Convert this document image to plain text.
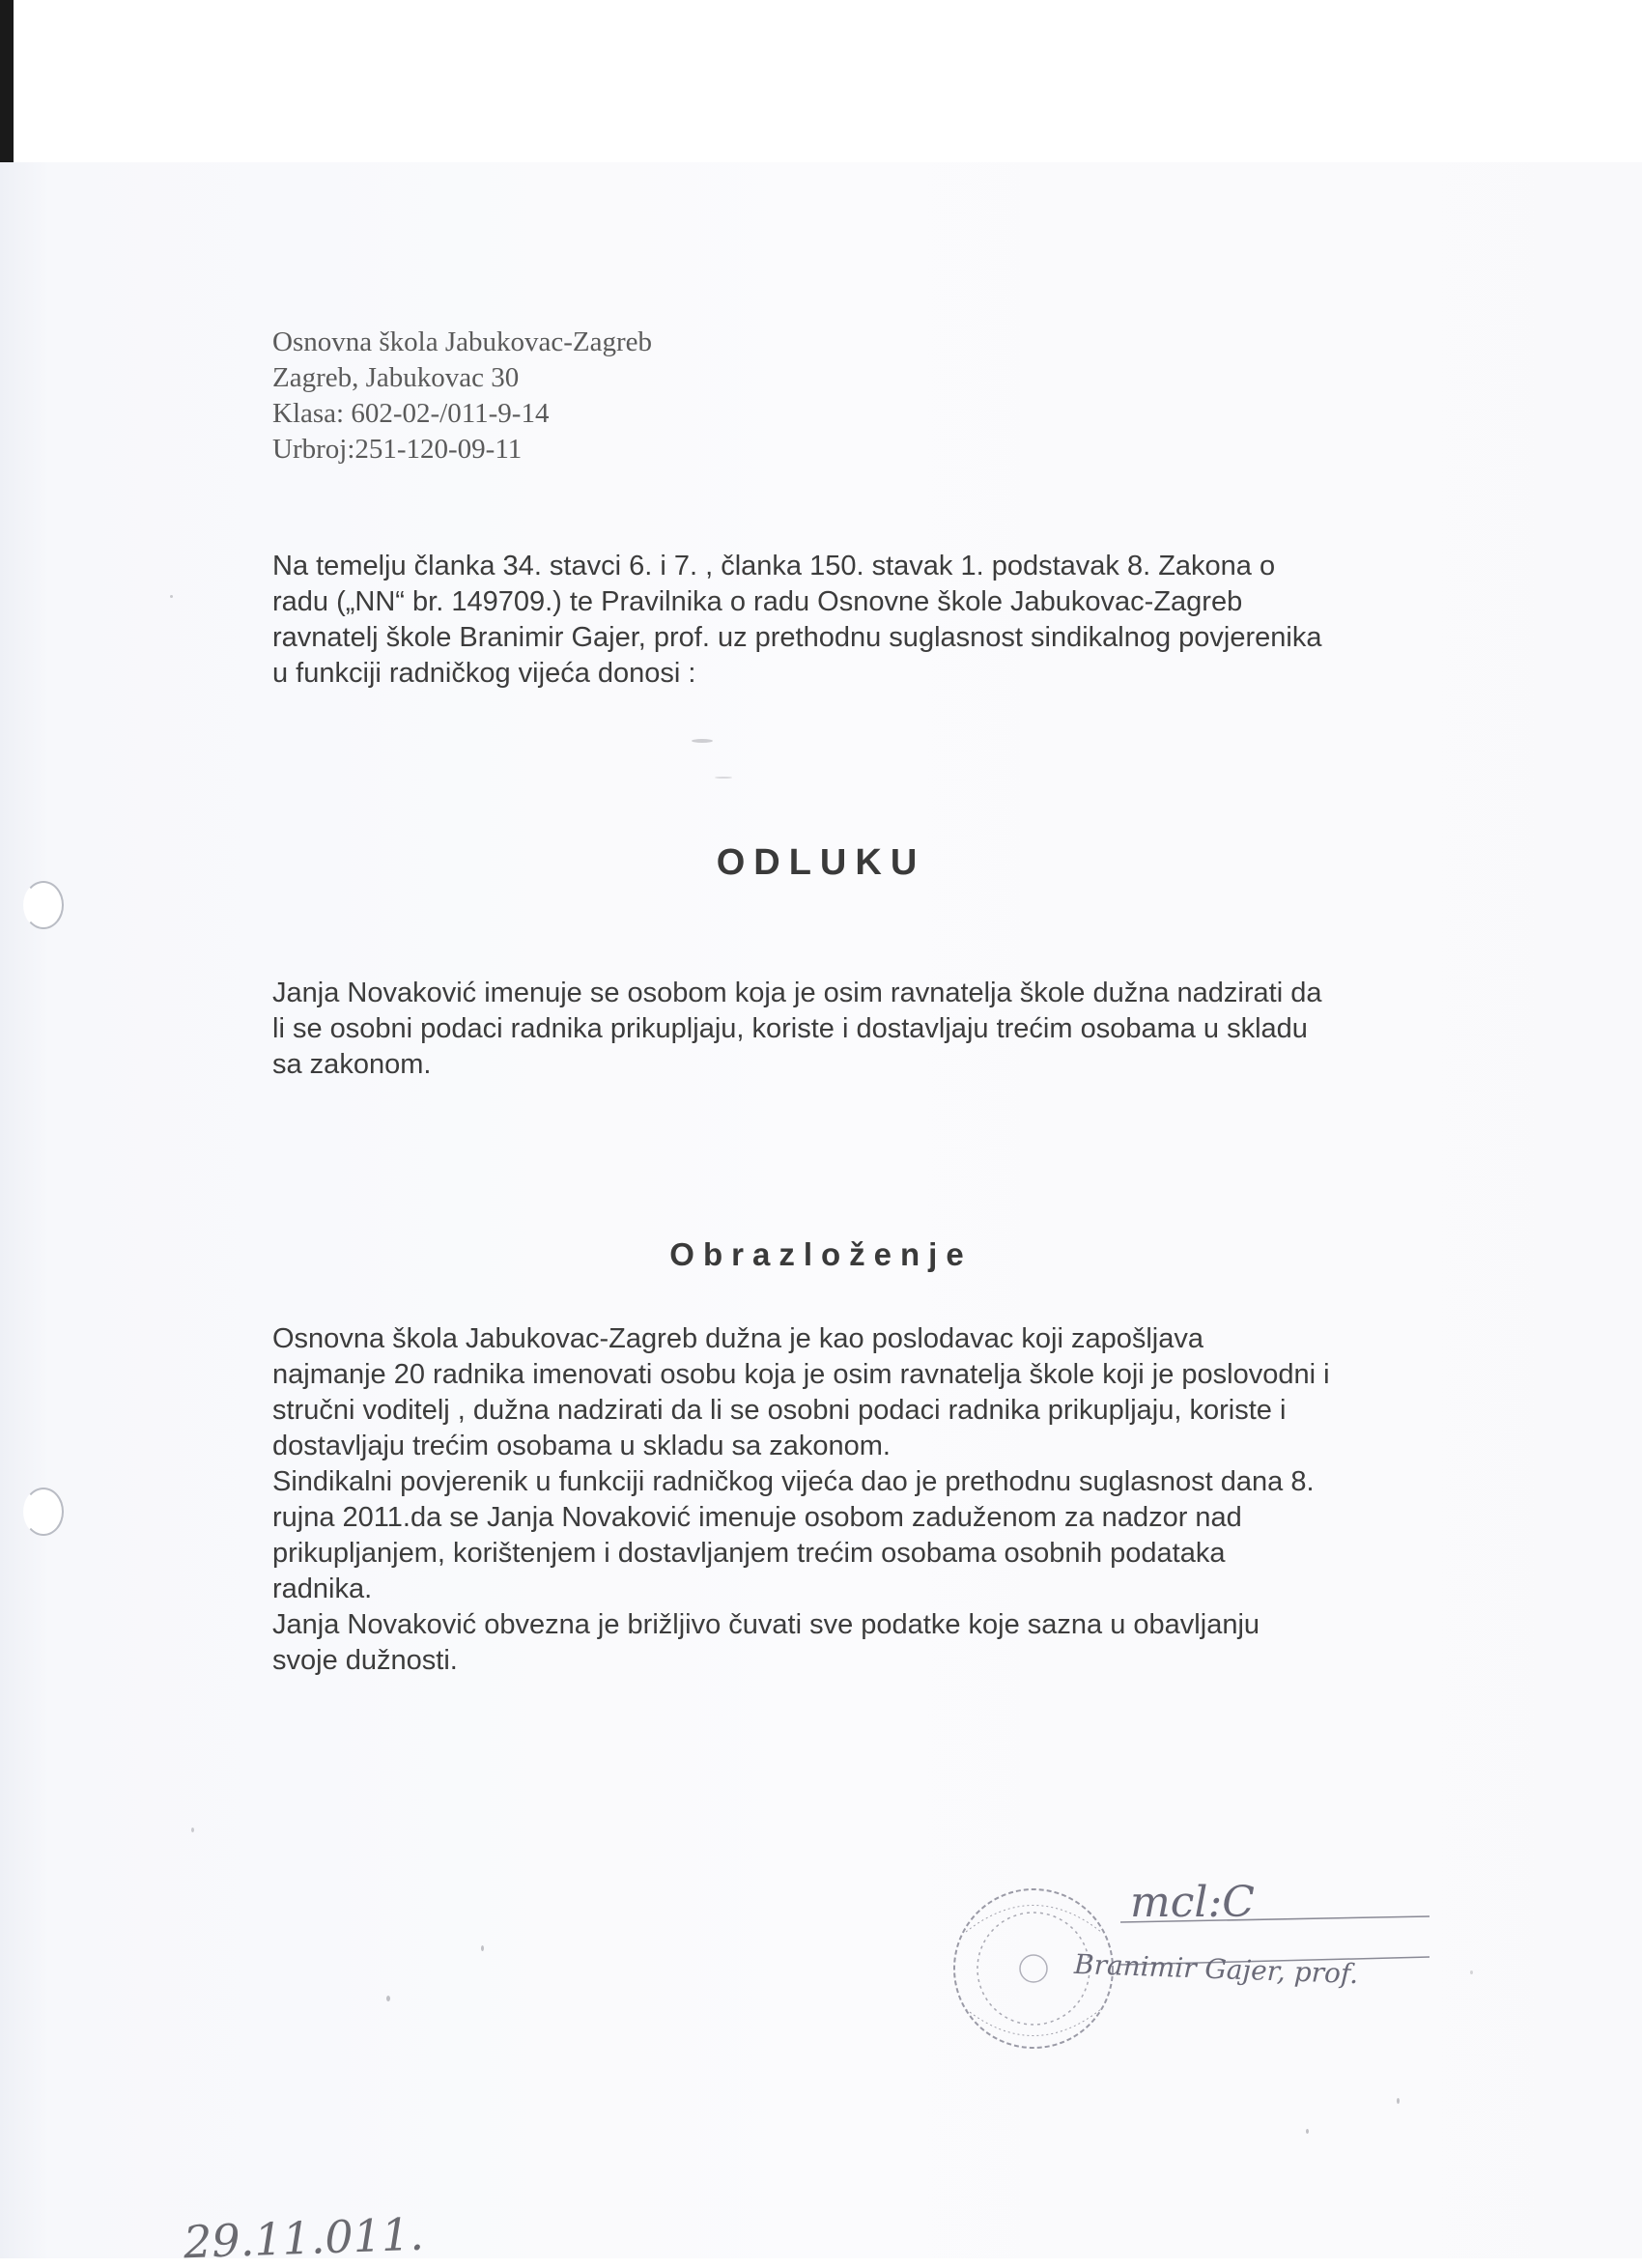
Osnovna škola Jabukovac-Zagreb
Zagreb, Jabukovac 30
Klasa: 602-02-/011-9-14
Urbroj:251-120-09-11
Na temelju članka 34. stavci 6. i 7. , članka 150. stavak 1. podstavak 8. Zakona o
radu („NN“ br. 149709.) te Pravilnika o radu Osnovne škole Jabukovac-Zagreb
ravnatelj škole Branimir Gajer, prof. uz prethodnu suglasnost sindikalnog povjerenika
u funkciji radničkog vijeća donosi :
ODLUKU
Janja Novaković imenuje se osobom koja je osim ravnatelja škole dužna nadzirati da
li se osobni podaci radnika prikupljaju, koriste i dostavljaju trećim osobama u skladu
sa zakonom.
Obrazloženje
Osnovna škola Jabukovac-Zagreb dužna je kao poslodavac koji zapošljava
najmanje 20 radnika imenovati osobu koja je osim ravnatelja škole koji je poslovodni i
stručni voditelj , dužna nadzirati da li se osobni podaci radnika prikupljaju, koriste i
dostavljaju trećim osobama u skladu sa zakonom.
Sindikalni povjerenik u funkciji radničkog vijeća dao je prethodnu suglasnost dana 8.
rujna 2011.da se Janja Novaković imenuje osobom zaduženom za nadzor nad
prikupljanjem, korištenjem i dostavljanjem trećim osobama osobnih podataka
radnika.
Janja Novaković obvezna je brižljivo čuvati sve podatke koje sazna u obavljanju
svoje dužnosti.
mcl:C
Branimir Gajer, prof.
29.11.011.
